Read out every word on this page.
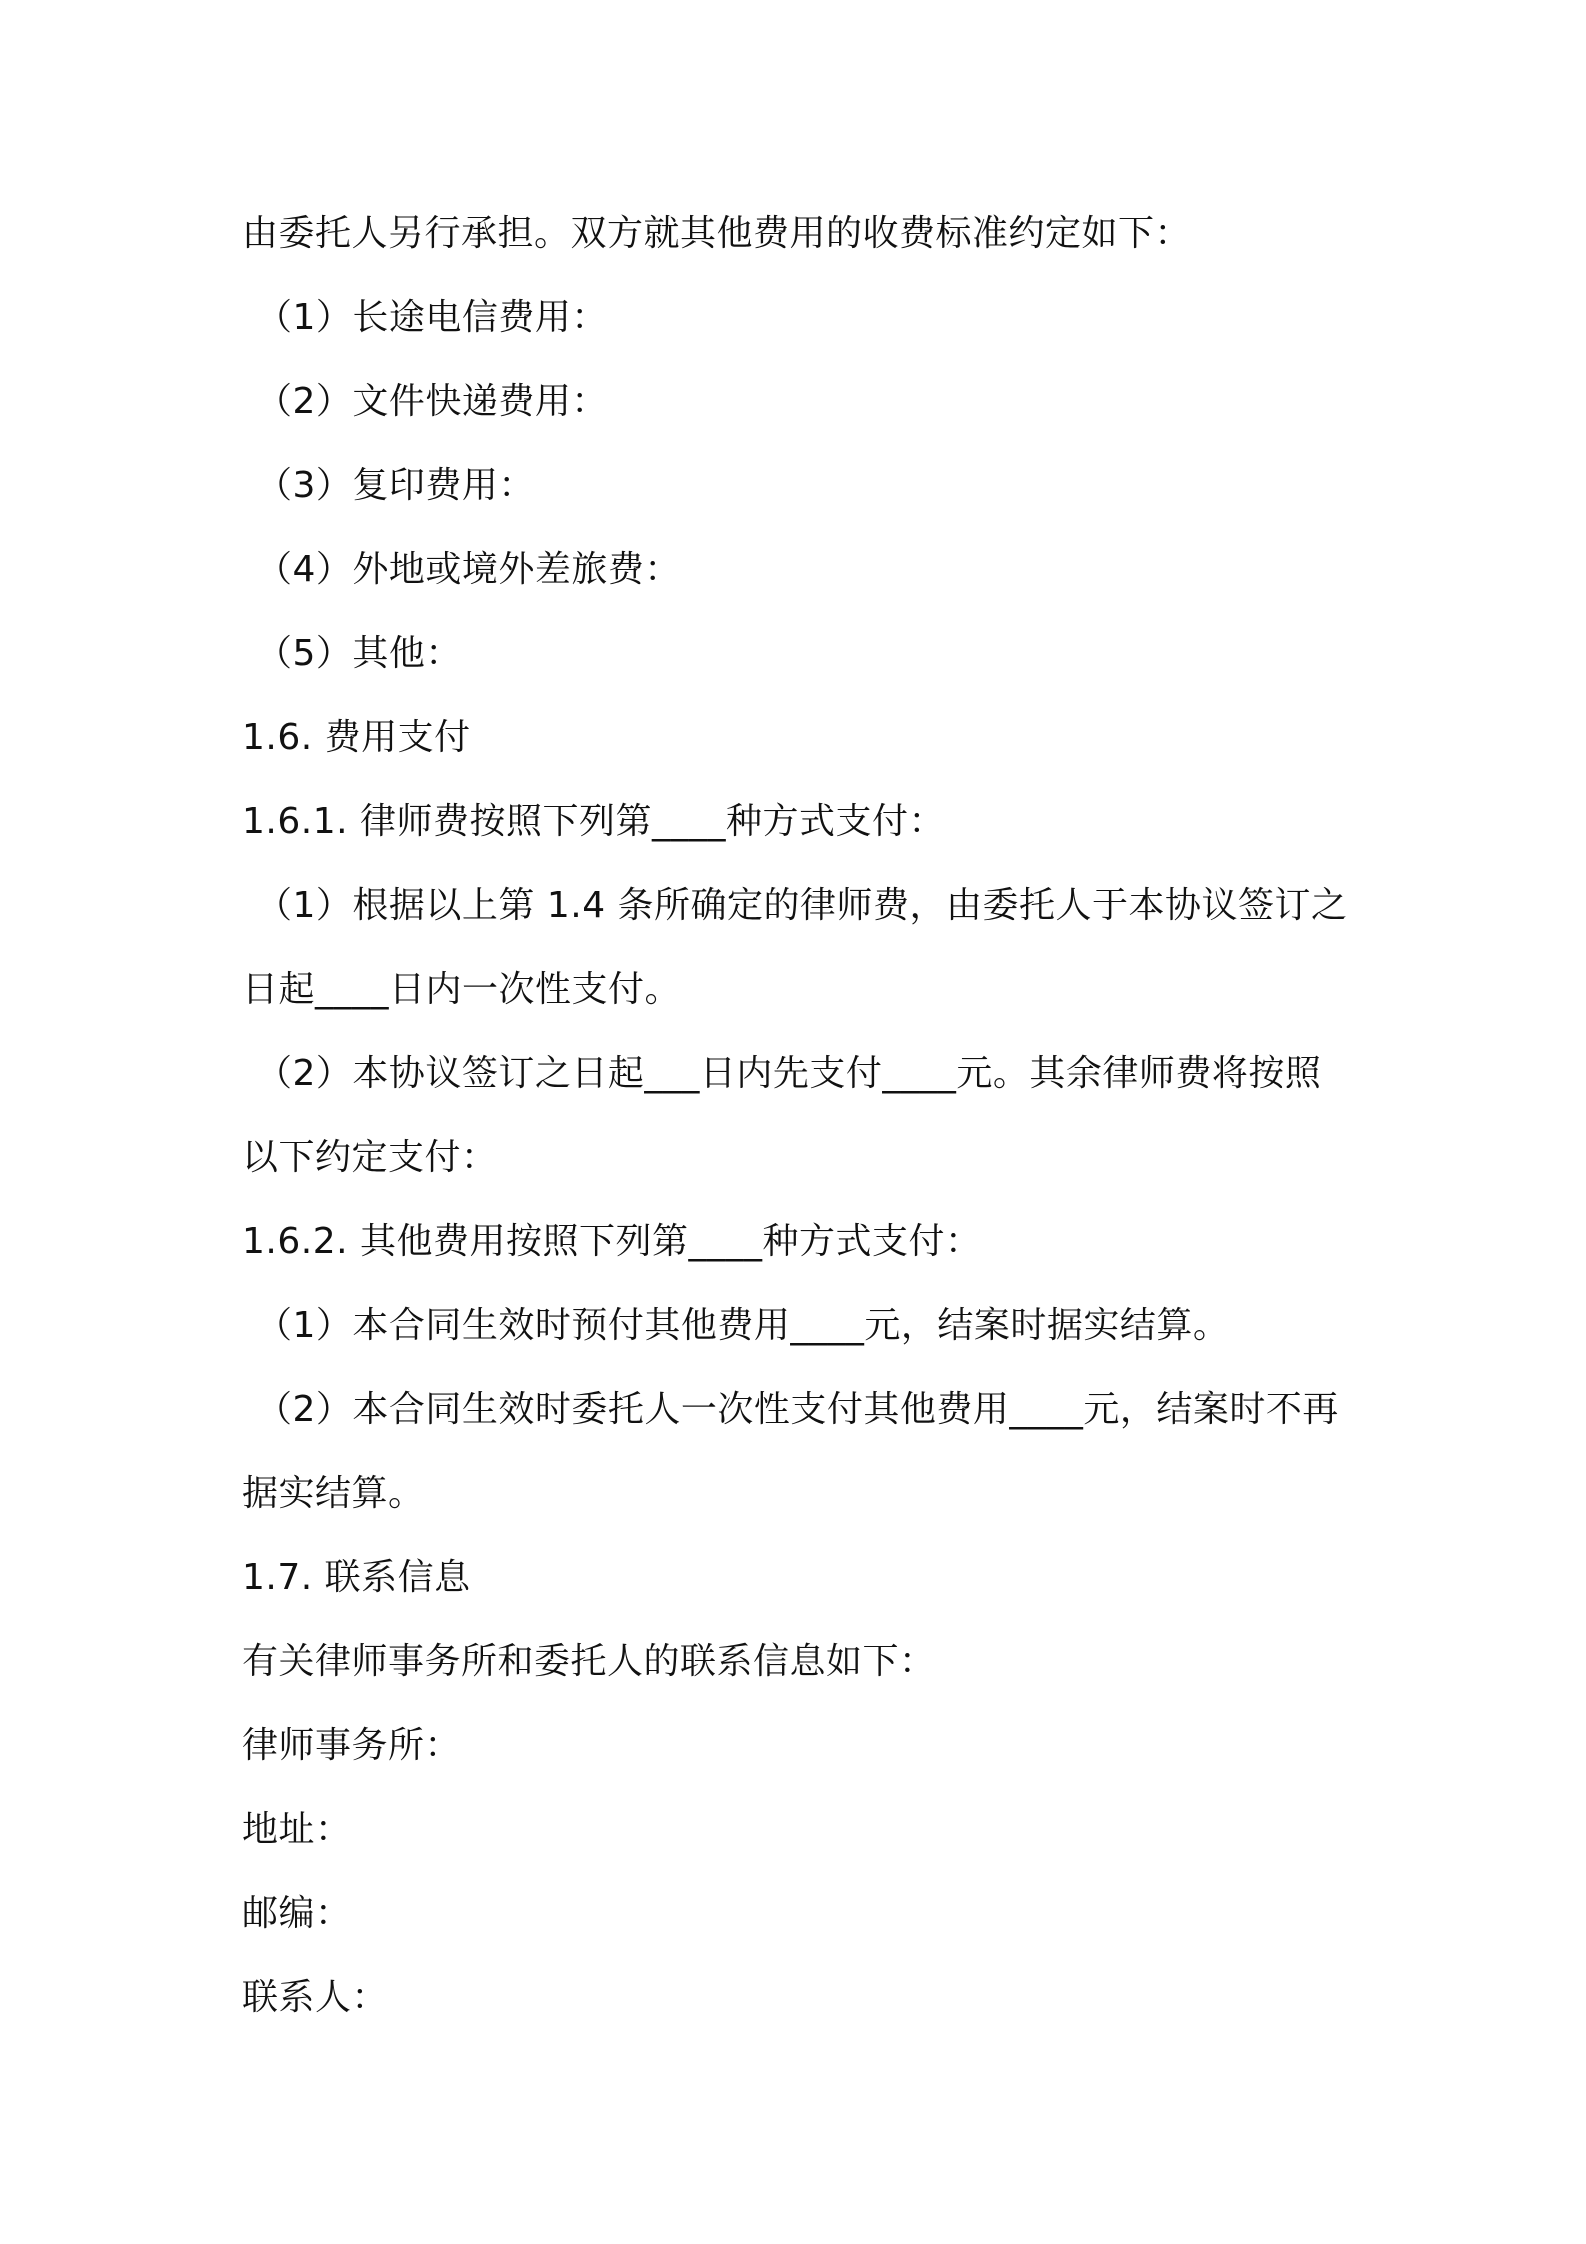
由委托人另行承担。双方就其他费用的收费标准约定如下：
（1）长途电信费用：
（2）文件快递费用：
（3）复印费用：
（4）外地或境外差旅费：
（5）其他：
1.6. 费用支付
1.6.1. 律师费按照下列第____种方式支付：
（1）根据以上第 1.4 条所确定的律师费，由委托人于本协议签订之
日起____日内一次性支付。
（2）本协议签订之日起___日内先支付____元。其余律师费将按照
以下约定支付：
1.6.2. 其他费用按照下列第____种方式支付：
（1）本合同生效时预付其他费用____元，结案时据实结算。
（2）本合同生效时委托人一次性支付其他费用____元，结案时不再
据实结算。
1.7. 联系信息
有关律师事务所和委托人的联系信息如下：
律师事务所：
地址：
邮编：
联系人：
